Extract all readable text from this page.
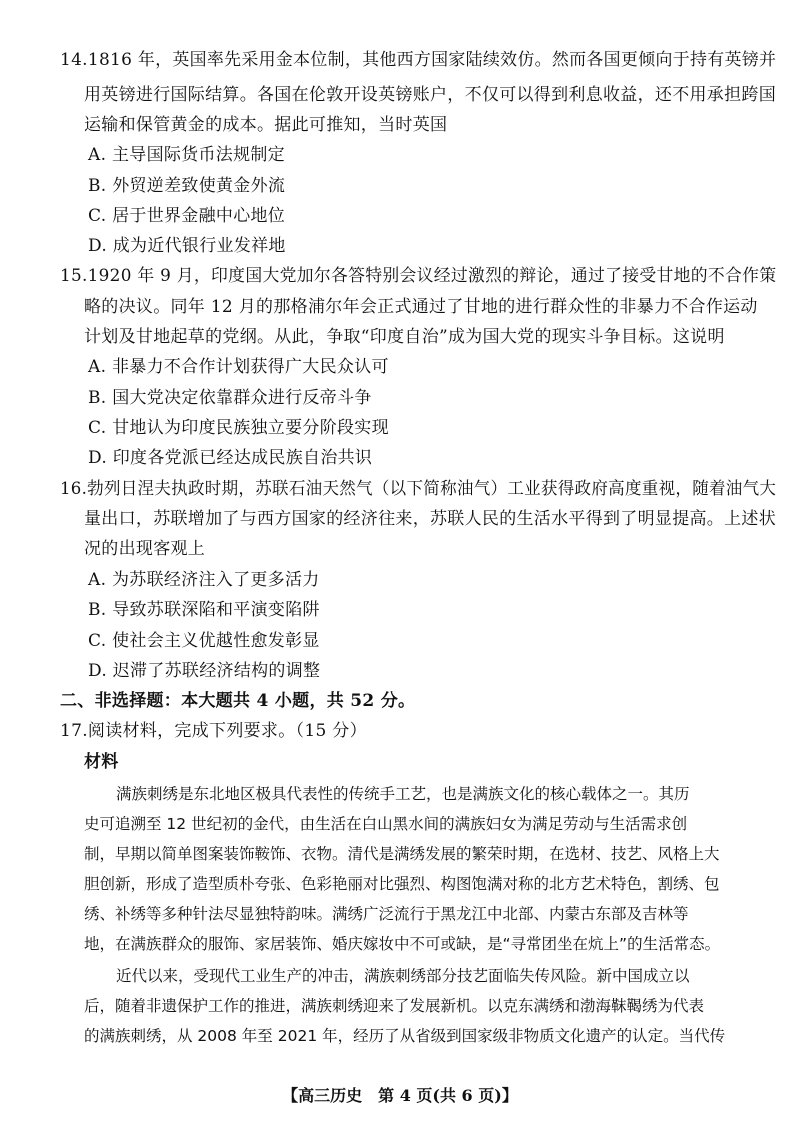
14.1816 年，英国率先采用金本位制，其他西方国家陆续效仿。然而各国更倾向于持有英镑并
用英镑进行国际结算。各国在伦敦开设英镑账户，不仅可以得到利息收益，还不用承担跨国
运输和保管黄金的成本。据此可推知，当时英国
A. 主导国际货币法规制定
B. 外贸逆差致使黄金外流
C. 居于世界金融中心地位
D. 成为近代银行业发祥地
15.1920 年 9 月，印度国大党加尔各答特别会议经过激烈的辩论，通过了接受甘地的不合作策
略的决议。同年 12 月的那格浦尔年会正式通过了甘地的进行群众性的非暴力不合作运动
计划及甘地起草的党纲。从此，争取“印度自治”成为国大党的现实斗争目标。这说明
A. 非暴力不合作计划获得广大民众认可
B. 国大党决定依靠群众进行反帝斗争
C. 甘地认为印度民族独立要分阶段实现
D. 印度各党派已经达成民族自治共识
16.勃列日涅夫执政时期，苏联石油天然气（以下简称油气）工业获得政府高度重视，随着油气大
量出口，苏联增加了与西方国家的经济往来，苏联人民的生活水平得到了明显提高。上述状
况的出现客观上
A. 为苏联经济注入了更多活力
B. 导致苏联深陷和平演变陷阱
C. 使社会主义优越性愈发彰显
D. 迟滞了苏联经济结构的调整
二、非选择题：本大题共 4 小题，共 52 分。
17.阅读材料，完成下列要求。（15 分）
材料
满族刺绣是东北地区极具代表性的传统手工艺，也是满族文化的核心载体之一。其历
史可追溯至 12 世纪初的金代，由生活在白山黑水间的满族妇女为满足劳动与生活需求创
制，早期以简单图案装饰鞍饰、衣物。清代是满绣发展的繁荣时期，在选材、技艺、风格上大
胆创新，形成了造型质朴夸张、色彩艳丽对比强烈、构图饱满对称的北方艺术特色，割绣、包
绣、补绣等多种针法尽显独特韵味。满绣广泛流行于黑龙江中北部、内蒙古东部及吉林等
地，在满族群众的服饰、家居装饰、婚庆嫁妆中不可或缺，是“寻常团坐在炕上”的生活常态。
近代以来，受现代工业生产的冲击，满族刺绣部分技艺面临失传风险。新中国成立以
后，随着非遗保护工作的推进，满族刺绣迎来了发展新机。以克东满绣和渤海靺鞨绣为代表
的满族刺绣，从 2008 年至 2021 年，经历了从省级到国家级非物质文化遗产的认定。当代传
【高三历史　第 4 页(共 6 页)】
